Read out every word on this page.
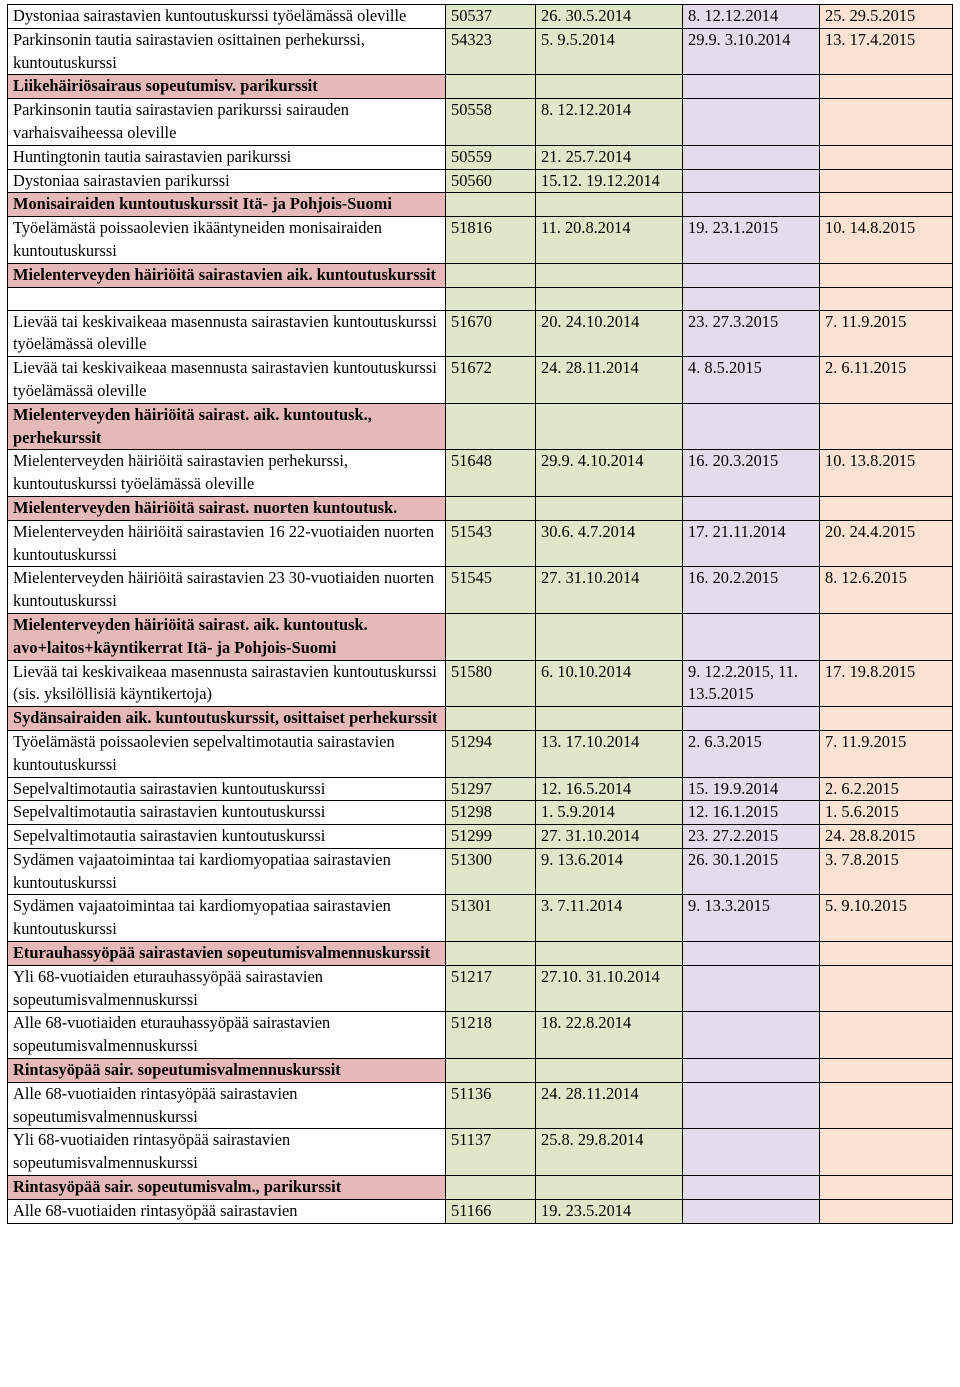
Dystoniaa sairastavien kuntoutuskurssi työelämässä oleville	50537	26. 30.5.2014	8. 12.12.2014	25. 29.5.2015
Parkinsonin tautia sairastavien osittainen perhekurssi, kuntoutuskurssi	54323	5. 9.5.2014	29.9. 3.10.2014	13. 17.4.2015
Liikehäiriösairaus sopeutumisv. parikurssit				
Parkinsonin tautia sairastavien parikurssi sairauden varhaisvaiheessa oleville	50558	8. 12.12.2014		
Huntingtonin tautia sairastavien parikurssi	50559	21. 25.7.2014		
Dystoniaa sairastavien parikurssi	50560	15.12. 19.12.2014		
Monisairaiden kuntoutuskurssit Itä- ja Pohjois-Suomi				
Työelämästä poissaolevien ikääntyneiden monisairaiden kuntoutuskurssi	51816	11. 20.8.2014	19. 23.1.2015	10. 14.8.2015
Mielenterveyden häiriöitä sairastavien aik. kuntoutuskurssit				

Lievää tai keskivaikeaa masennusta sairastavien kuntoutuskurssi työelämässä oleville	51670	20. 24.10.2014	23. 27.3.2015	7. 11.9.2015
Lievää tai keskivaikeaa masennusta sairastavien kuntoutuskurssi työelämässä oleville	51672	24. 28.11.2014	4. 8.5.2015	2. 6.11.2015
Mielenterveyden häiriöitä sairast. aik. kuntoutusk., perhekurssit				
Mielenterveyden häiriöitä sairastavien perhekurssi, kuntoutuskurssi työelämässä oleville	51648	29.9. 4.10.2014	16. 20.3.2015	10. 13.8.2015
Mielenterveyden häiriöitä sairast. nuorten kuntoutusk.				
Mielenterveyden häiriöitä sairastavien 16 22-vuotiaiden nuorten kuntoutuskurssi	51543	30.6. 4.7.2014	17. 21.11.2014	20. 24.4.2015
Mielenterveyden häiriöitä sairastavien 23 30-vuotiaiden nuorten kuntoutuskurssi	51545	27. 31.10.2014	16. 20.2.2015	8. 12.6.2015
Mielenterveyden häiriöitä sairast. aik. kuntoutusk. avo+laitos+käyntikerrat Itä- ja Pohjois-Suomi				
Lievää tai keskivaikeaa masennusta sairastavien kuntoutuskurssi (sis. yksilöllisiä käyntikertoja)	51580	6. 10.10.2014	9. 12.2.2015, 11. 13.5.2015	17. 19.8.2015
Sydänsairaiden aik. kuntoutuskurssit, osittaiset perhekurssit				
Työelämästä poissaolevien sepelvaltimotautia sairastavien kuntoutuskurssi	51294	13. 17.10.2014	2. 6.3.2015	7. 11.9.2015
Sepelvaltimotautia sairastavien kuntoutuskurssi	51297	12. 16.5.2014	15. 19.9.2014	2. 6.2.2015
Sepelvaltimotautia sairastavien kuntoutuskurssi	51298	1. 5.9.2014	12. 16.1.2015	1. 5.6.2015
Sepelvaltimotautia sairastavien kuntoutuskurssi	51299	27. 31.10.2014	23. 27.2.2015	24. 28.8.2015
Sydämen vajaatoimintaa tai kardiomyopatiaa sairastavien kuntoutuskurssi	51300	9. 13.6.2014	26. 30.1.2015	3. 7.8.2015
Sydämen vajaatoimintaa tai kardiomyopatiaa sairastavien kuntoutuskurssi	51301	3. 7.11.2014	9. 13.3.2015	5. 9.10.2015
Eturauhassyöpää sairastavien sopeutumisvalmennuskurssit				
Yli 68-vuotiaiden eturauhassyöpää sairastavien sopeutumisvalmennuskurssi	51217	27.10. 31.10.2014		
Alle 68-vuotiaiden eturauhassyöpää sairastavien sopeutumisvalmennuskurssi	51218	18. 22.8.2014		
Rintasyöpää sair. sopeutumisvalmennuskurssit				
Alle 68-vuotiaiden rintasyöpää sairastavien sopeutumisvalmennuskurssi	51136	24. 28.11.2014		
Yli 68-vuotiaiden rintasyöpää sairastavien sopeutumisvalmennuskurssi	51137	25.8. 29.8.2014		
Rintasyöpää sair. sopeutumisvalm., parikurssit				
Alle 68-vuotiaiden rintasyöpää sairastavien	51166	19. 23.5.2014		
